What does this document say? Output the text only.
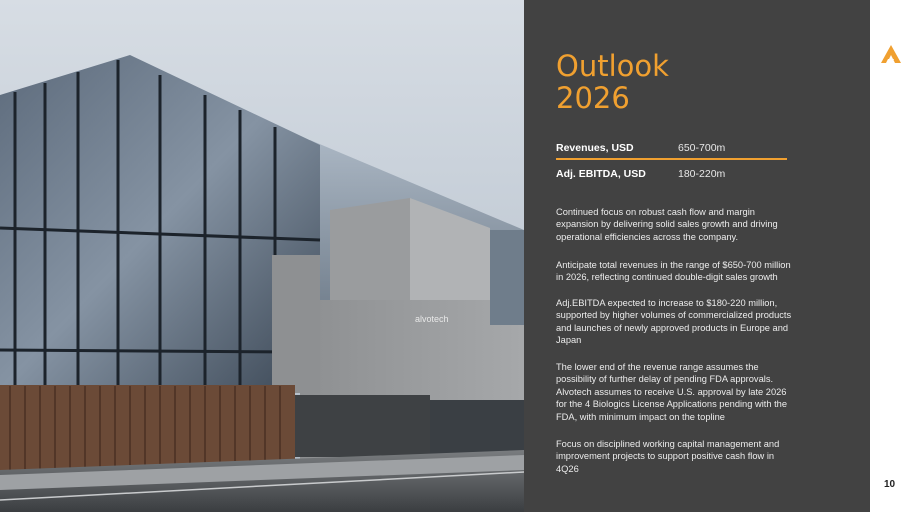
alvotech
Outlook
2026
Revenues, USD	650-700m
Adj. EBITDA, USD	180-220m
Continued focus on robust cash flow and margin expansion by delivering solid sales growth and driving operational efficiencies across the company.
Anticipate total revenues in the range of $650-700 million in 2026, reflecting continued double-digit sales growth
Adj.EBITDA expected to increase to $180-220 million, supported by higher volumes of commercialized products and launches of newly approved products in Europe and Japan
The lower end of the revenue range assumes the possibility of further delay of pending FDA approvals. Alvotech assumes to receive U.S. approval by late 2026 for the 4 Biologics License Applications pending with the FDA, with minimum impact on the topline
Focus on disciplined working capital management and improvement projects to support positive cash flow in 4Q26
10
